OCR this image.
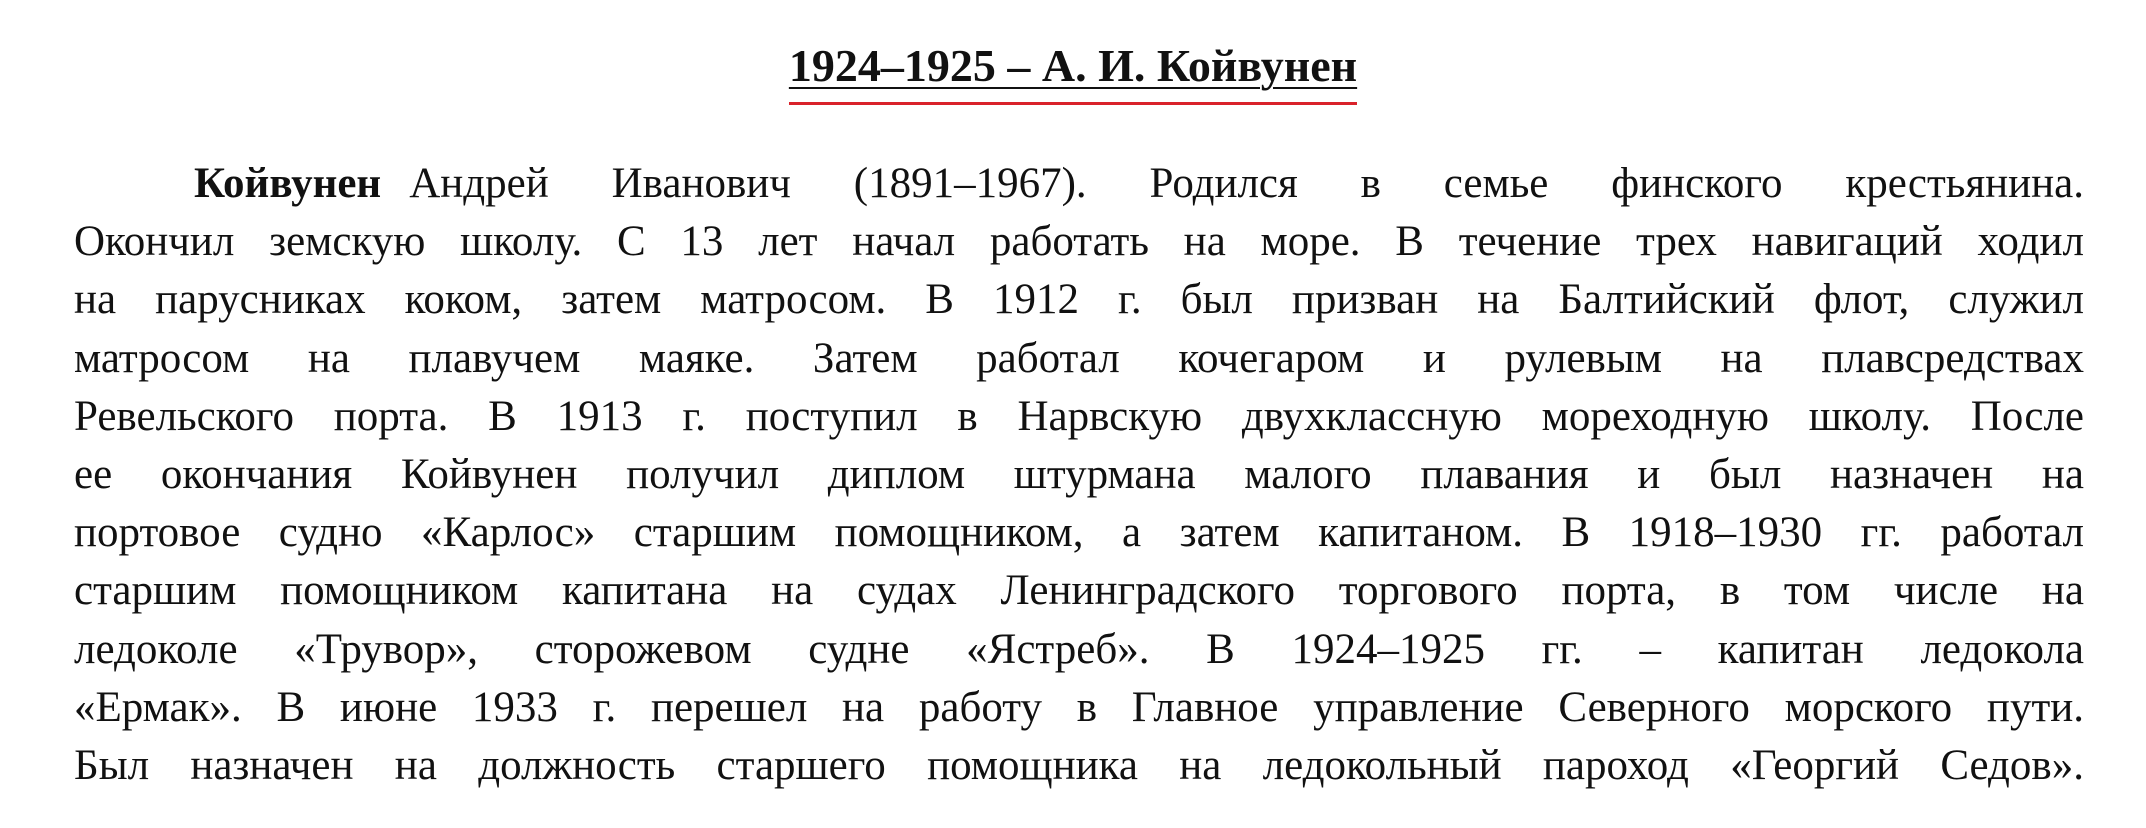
1924–1925 – А. И. Койвунен
Койвунен Андрей Иванович (1891–1967). Родился в семье финского крестьянина.
Окончил земскую школу. С 13 лет начал работать на море. В течение трех навигаций ходил
на парусниках коком, затем матросом. В 1912 г. был призван на Балтийский флот, служил
матросом на плавучем маяке. Затем работал кочегаром и рулевым на плавсредствах
Ревельского порта. В 1913 г. поступил в Нарвскую двухклассную мореходную школу. После
ее окончания Койвунен получил диплом штурмана малого плавания и был назначен на
портовое судно «Карлос» старшим помощником, а затем капитаном. В 1918–1930 гг. работал
старшим помощником капитана на судах Ленинградского торгового порта, в том числе на
ледоколе «Трувор», сторожевом судне «Ястреб». В 1924–1925 гг. – капитан ледокола
«Ермак». В июне 1933 г. перешел на работу в Главное управление Северного морского пути.
Был назначен на должность старшего помощника на ледокольный пароход «Георгий Седов».
